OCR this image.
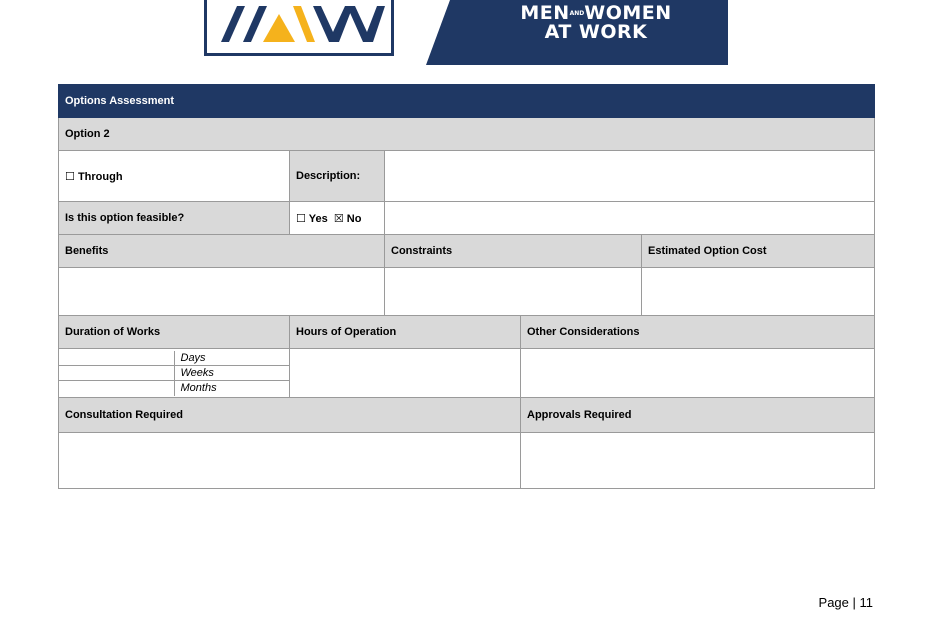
MENANDWOMEN
AT WORK
Options Assessment
Option 2
☐ Through	Description:	
Is this option feasible?	☐ Yes ☒ No	
Benefits	Constraints	Estimated Option Cost

Duration of Works	Hours of Operation	Other Considerations

	Days
	Weeks
	Months

Consultation Required	Approvals Required

Page | 11
